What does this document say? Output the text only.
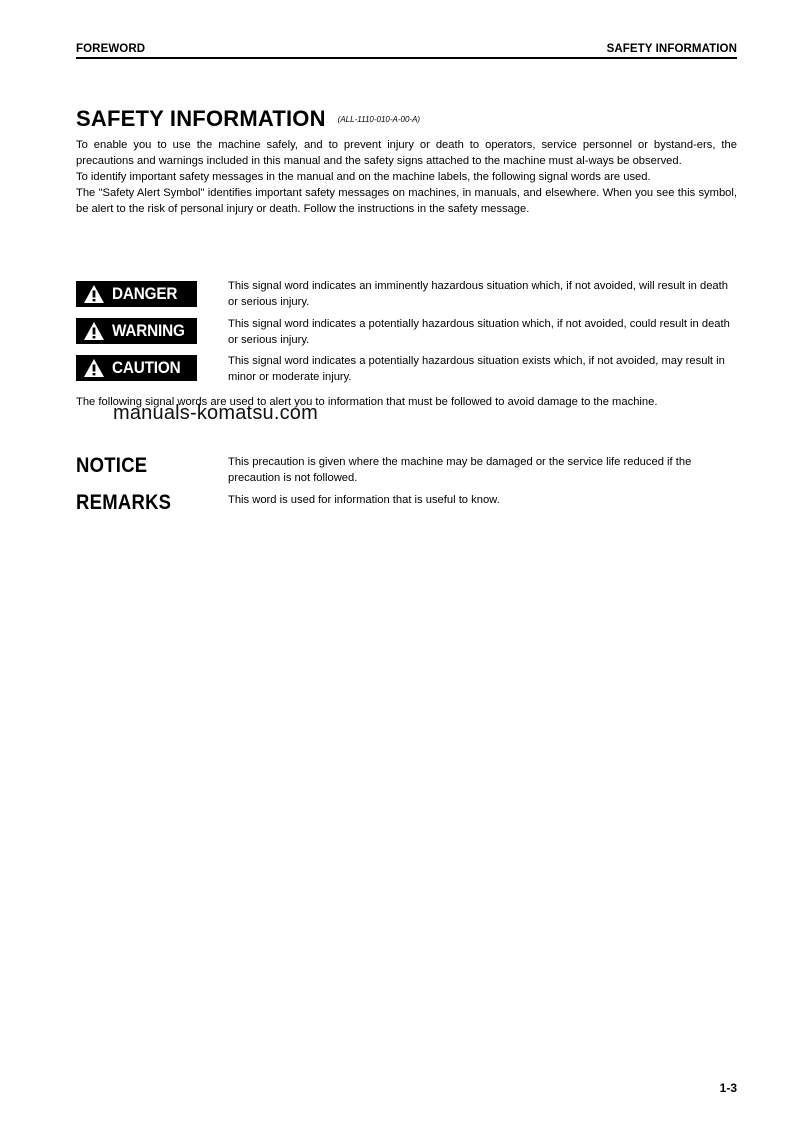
FOREWORD	SAFETY INFORMATION
SAFETY INFORMATION $^{(ALL-1110-010-A-00-A)}$

To enable you to use the machine safely, and to prevent injury or death to operators, service personnel or bystand-ers, the precautions and warnings included in this manual and the safety signs attached to the machine must al-ways be observed.

To identify important safety messages in the manual and on the machine labels, the following signal words are used.

The "Safety Alert Symbol" identifies important safety messages on machines, in manuals, and elsewhere. When you see this symbol, be alert to the risk of personal injury or death. Follow the instructions in the safety message.

DANGER	This signal word indicates an imminently hazardous situation which, if not avoided, will result in death or serious injury.
WARNING	This signal word indicates a potentially hazardous situation which, if not avoided, could result in death or serious injury.
CAUTION	This signal word indicates a potentially hazardous situation exists which, if not avoided, may result in minor or moderate injury.
The following signal words are used to alert you to information that must be followed to avoid damage to the machine.
manuals-komatsu.com
NOTICE	This precaution is given where the machine may be damaged or the service life reduced if the precaution is not followed.
REMARKS	This word is used for information that is useful to know.
1-3
